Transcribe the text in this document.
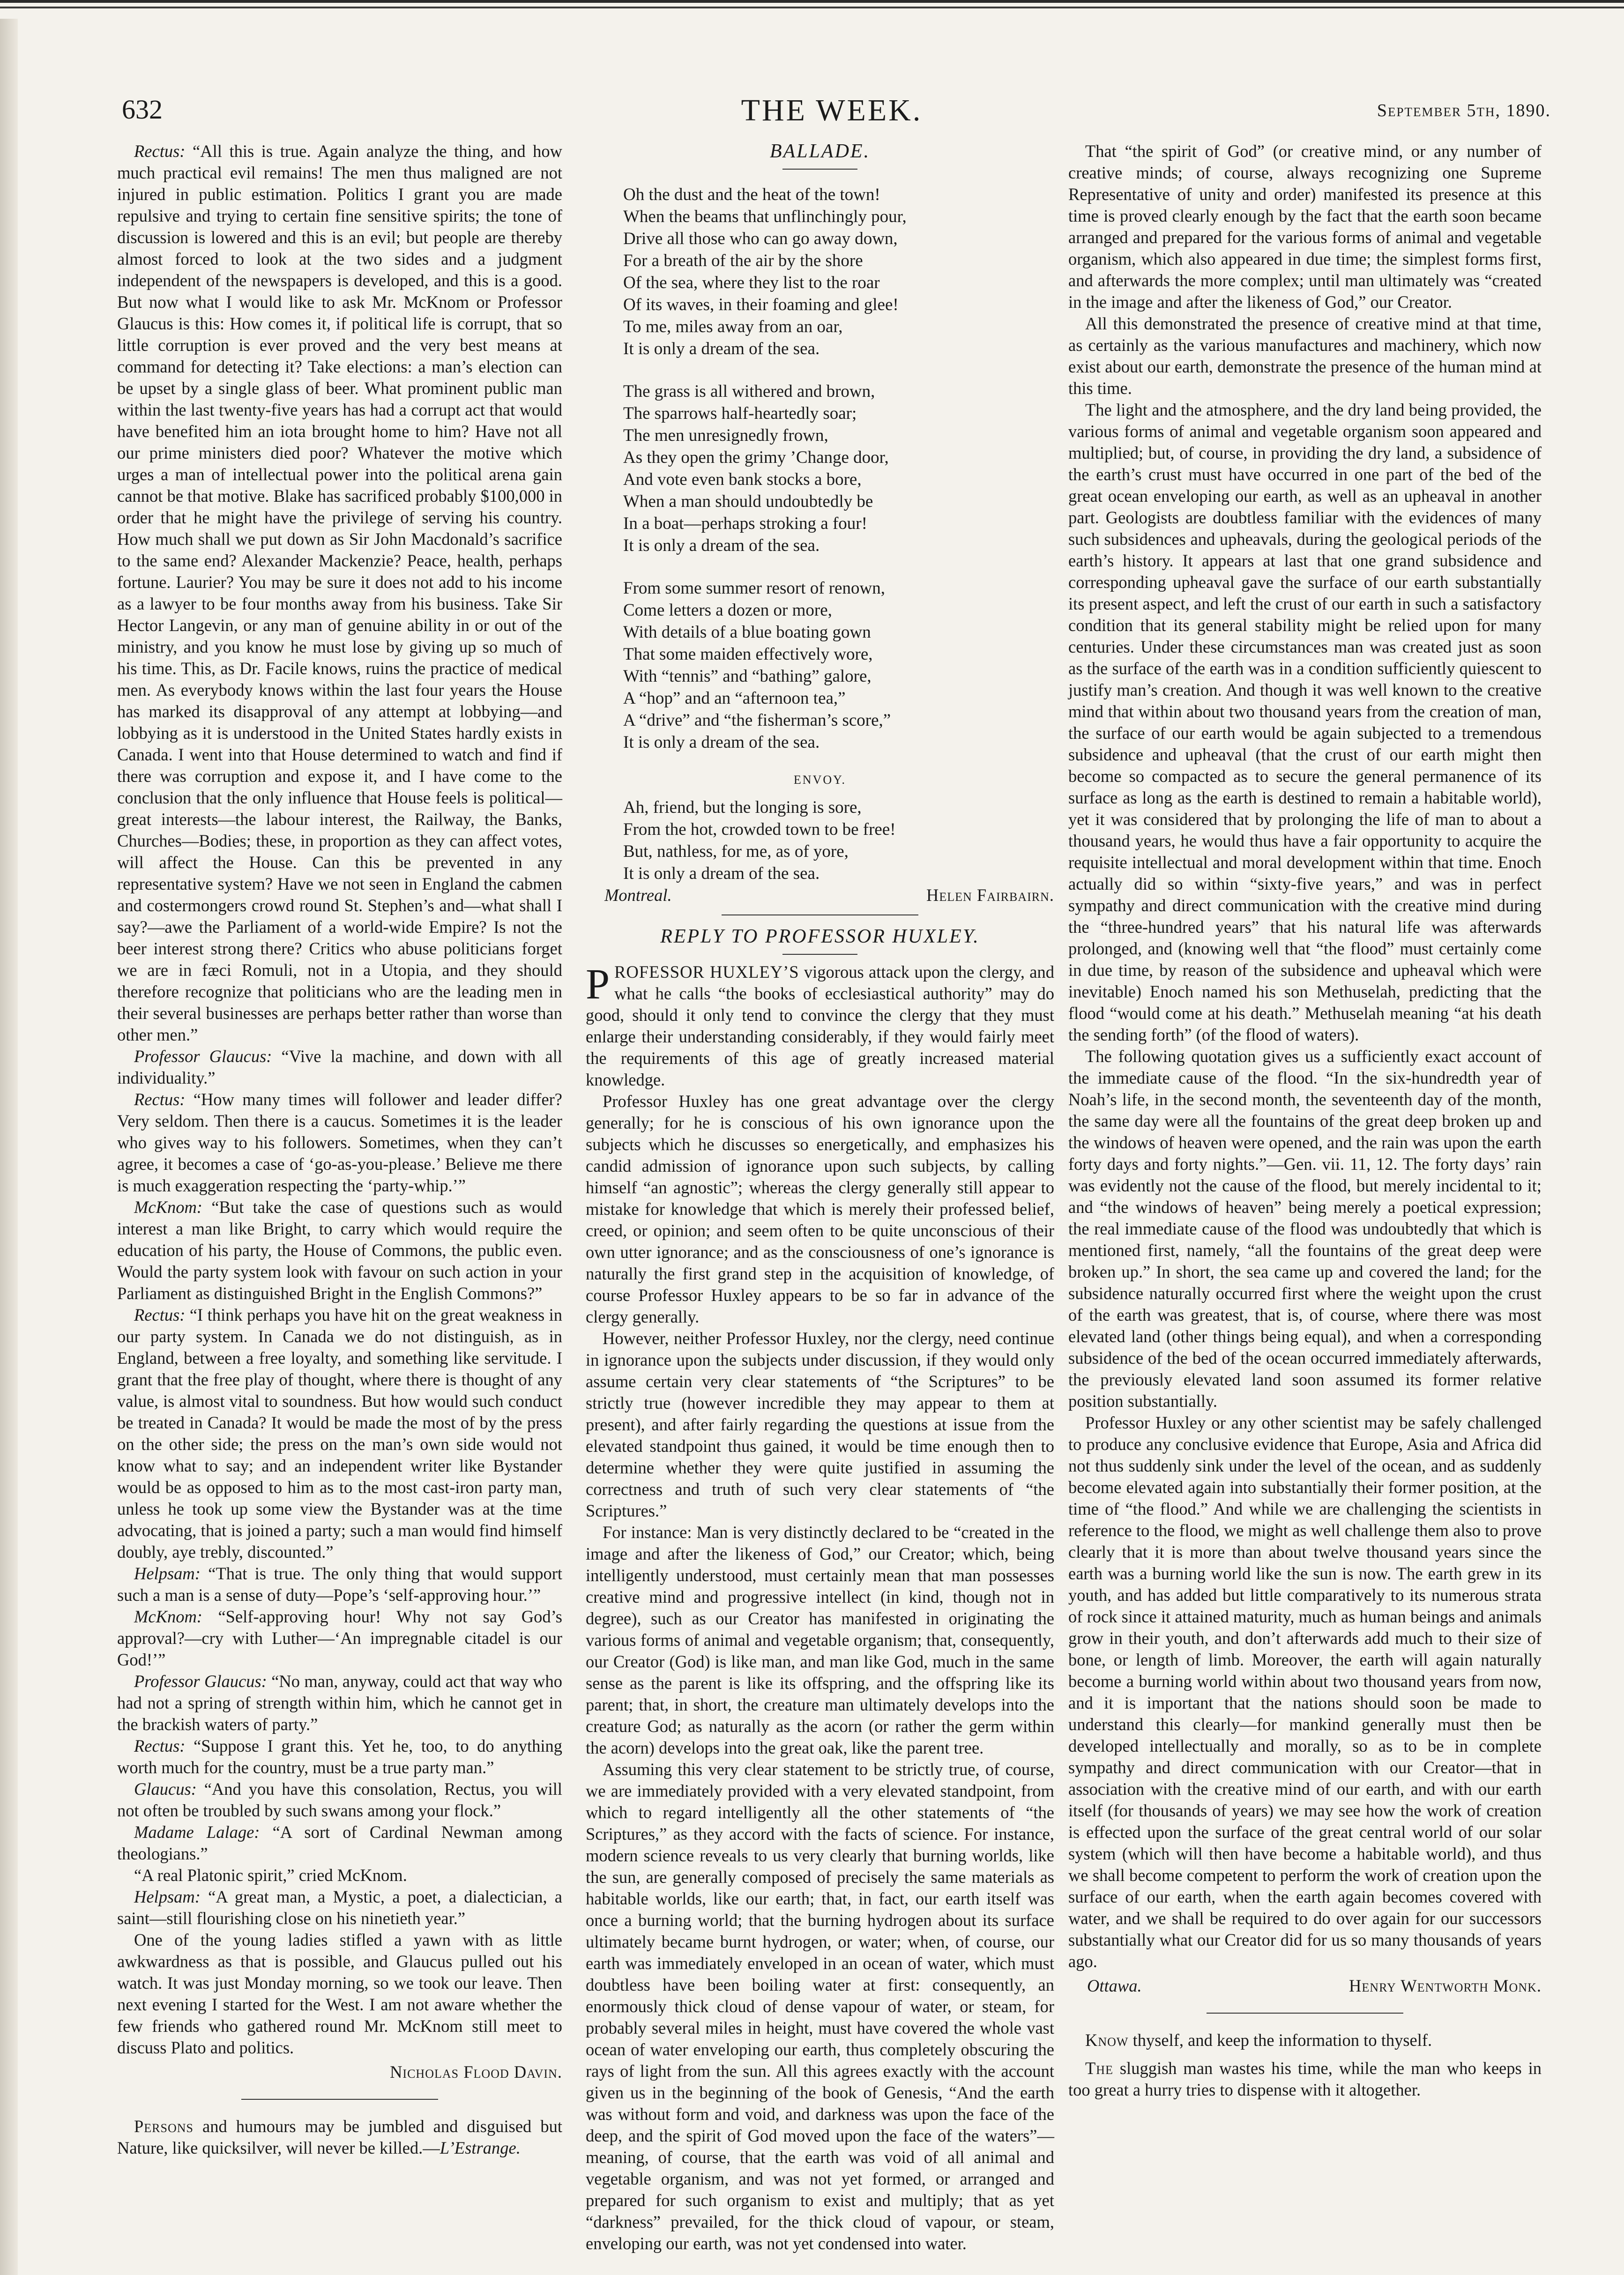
632	THE WEEK.	September 5th, 1890.

Rectus: “All this is true. Again analyze the thing, and how much practical evil remains! The men thus maligned are not injured in public estimation. Politics I grant you are made repulsive and trying to certain fine sensitive spirits; the tone of discussion is lowered and this is an evil; but people are thereby almost forced to look at the two sides and a judgment independent of the newspapers is developed, and this is a good. But now what I would like to ask Mr. McKnom or Professor Glaucus is this: How comes it, if political life is corrupt, that so little corruption is ever proved and the very best means at command for detecting it? Take elections: a man’s election can be upset by a single glass of beer. What prominent public man within the last twenty-five years has had a corrupt act that would have benefited him an iota brought home to him? Have not all our prime ministers died poor? Whatever the motive which urges a man of intellectual power into the political arena gain cannot be that motive. Blake has sacrificed probably $100,000 in order that he might have the privilege of serving his country. How much shall we put down as Sir John Macdonald’s sacrifice to the same end? Alexander Mackenzie? Peace, health, perhaps fortune. Laurier? You may be sure it does not add to his income as a lawyer to be four months away from his business. Take Sir Hector Langevin, or any man of genuine ability in or out of the ministry, and you know he must lose by giving up so much of his time. This, as Dr. Facile knows, ruins the practice of medical men. As everybody knows within the last four years the House has marked its disapproval of any attempt at lobbying—and lobbying as it is understood in the United States hardly exists in Canada. I went into that House determined to watch and find if there was corruption and expose it, and I have come to the conclusion that the only influence that House feels is political—great interests—the labour interest, the Railway, the Banks, Churches—Bodies; these, in proportion as they can affect votes, will affect the House. Can this be prevented in any representative system? Have we not seen in England the cabmen and costermongers crowd round St. Stephen’s and—what shall I say?—awe the Parliament of a world-wide Empire? Is not the beer interest strong there? Critics who abuse politicians forget we are in fæci Romuli, not in a Utopia, and they should therefore recognize that politicians who are the leading men in their several businesses are perhaps better rather than worse than other men.”

Professor Glaucus: “Vive la machine, and down with all individuality.”

Rectus: “How many times will follower and leader differ? Very seldom. Then there is a caucus. Sometimes it is the leader who gives way to his followers. Sometimes, when they can’t agree, it becomes a case of ‘go-as-you-please.’ Believe me there is much exaggeration respecting the ‘party-whip.’”

McKnom: “But take the case of questions such as would interest a man like Bright, to carry which would require the education of his party, the House of Commons, the public even. Would the party system look with favour on such action in your Parliament as distinguished Bright in the English Commons?”

Rectus: “I think perhaps you have hit on the great weakness in our party system. In Canada we do not distinguish, as in England, between a free loyalty, and something like servitude. I grant that the free play of thought, where there is thought of any value, is almost vital to soundness. But how would such conduct be treated in Canada? It would be made the most of by the press on the other side; the press on the man’s own side would not know what to say; and an independent writer like Bystander would be as opposed to him as to the most cast-iron party man, unless he took up some view the Bystander was at the time advocating, that is joined a party; such a man would find himself doubly, aye trebly, discounted.”

Helpsam: “That is true. The only thing that would support such a man is a sense of duty—Pope’s ‘self-approving hour.’”

McKnom: “Self-approving hour! Why not say God’s approval?—cry with Luther—‘An impregnable citadel is our God!’”

Professor Glaucus: “No man, anyway, could act that way who had not a spring of strength within him, which he cannot get in the brackish waters of party.”

Rectus: “Suppose I grant this. Yet he, too, to do anything worth much for the country, must be a true party man.”

Glaucus: “And you have this consolation, Rectus, you will not often be troubled by such swans among your flock.”

Madame Lalage: “A sort of Cardinal Newman among theologians.”

“A real Platonic spirit,” cried McKnom.

Helpsam: “A great man, a Mystic, a poet, a dialectician, a saint—still flourishing close on his ninetieth year.”

One of the young ladies stifled a yawn with as little awkwardness as that is possible, and Glaucus pulled out his watch. It was just Monday morning, so we took our leave. Then next evening I started for the West. I am not aware whether the few friends who gathered round Mr. McKnom still meet to discuss Plato and politics.

Nicholas Flood Davin.

Persons and humours may be jumbled and disguised but Nature, like quicksilver, will never be killed.—L’Estrange.

BALLADE.
Oh the dust and the heat of the town!
When the beams that unflinchingly pour,
Drive all those who can go away down,
For a breath of the air by the shore
Of the sea, where they list to the roar
Of its waves, in their foaming and glee!
To me, miles away from an oar,
It is only a dream of the sea.
The grass is all withered and brown,
The sparrows half-heartedly soar;
The men unresignedly frown,
As they open the grimy ’Change door,
And vote even bank stocks a bore,
When a man should undoubtedly be
In a boat—perhaps stroking a four!
It is only a dream of the sea.
From some summer resort of renown,
Come letters a dozen or more,
With details of a blue boating gown
That some maiden effectively wore,
With “tennis” and “bathing” galore,
A “hop” and an “afternoon tea,”
A “drive” and “the fisherman’s score,”
It is only a dream of the sea.
ENVOY.
Ah, friend, but the longing is sore,
From the hot, crowded town to be free!
But, nathless, for me, as of yore,
It is only a dream of the sea.
Montreal.	Helen Fairbairn.
REPLY TO PROFESSOR HUXLEY.

PROFESSOR HUXLEY’S vigorous attack upon the clergy, and what he calls “the books of ecclesiastical authority” may do good, should it only tend to convince the clergy that they must enlarge their understanding considerably, if they would fairly meet the requirements of this age of greatly increased material knowledge.

Professor Huxley has one great advantage over the clergy generally; for he is conscious of his own ignorance upon the subjects which he discusses so energetically, and emphasizes his candid admission of ignorance upon such subjects, by calling himself “an agnostic”; whereas the clergy generally still appear to mistake for knowledge that which is merely their professed belief, creed, or opinion; and seem often to be quite unconscious of their own utter ignorance; and as the consciousness of one’s ignorance is naturally the first grand step in the acquisition of knowledge, of course Professor Huxley appears to be so far in advance of the clergy generally.

However, neither Professor Huxley, nor the clergy, need continue in ignorance upon the subjects under discussion, if they would only assume certain very clear statements of “the Scriptures” to be strictly true (however incredible they may appear to them at present), and after fairly regarding the questions at issue from the elevated standpoint thus gained, it would be time enough then to determine whether they were quite justified in assuming the correctness and truth of such very clear statements of “the Scriptures.”

For instance: Man is very distinctly declared to be “created in the image and after the likeness of God,” our Creator; which, being intelligently understood, must certainly mean that man possesses creative mind and progressive intellect (in kind, though not in degree), such as our Creator has manifested in originating the various forms of animal and vegetable organism; that, consequently, our Creator (God) is like man, and man like God, much in the same sense as the parent is like its offspring, and the offspring like its parent; that, in short, the creature man ultimately develops into the creature God; as naturally as the acorn (or rather the germ within the acorn) develops into the great oak, like the parent tree.

Assuming this very clear statement to be strictly true, of course, we are immediately provided with a very elevated standpoint, from which to regard intelligently all the other statements of “the Scriptures,” as they accord with the facts of science. For instance, modern science reveals to us very clearly that burning worlds, like the sun, are generally composed of precisely the same materials as habitable worlds, like our earth; that, in fact, our earth itself was once a burning world; that the burning hydrogen about its surface ultimately became burnt hydrogen, or water; when, of course, our earth was immediately enveloped in an ocean of water, which must doubtless have been boiling water at first: consequently, an enormously thick cloud of dense vapour of water, or steam, for probably several miles in height, must have covered the whole vast ocean of water enveloping our earth, thus completely obscuring the rays of light from the sun. All this agrees exactly with the account given us in the beginning of the book of Genesis, “And the earth was without form and void, and darkness was upon the face of the deep, and the spirit of God moved upon the face of the waters”—meaning, of course, that the earth was void of all animal and vegetable organism, and was not yet formed, or arranged and prepared for such organism to exist and multiply; that as yet “darkness” prevailed, for the thick cloud of vapour, or steam, enveloping our earth, was not yet condensed into water.

That “the spirit of God” (or creative mind, or any number of creative minds; of course, always recognizing one Supreme Representative of unity and order) manifested its presence at this time is proved clearly enough by the fact that the earth soon became arranged and prepared for the various forms of animal and vegetable organism, which also appeared in due time; the simplest forms first, and afterwards the more complex; until man ultimately was “created in the image and after the likeness of God,” our Creator.

All this demonstrated the presence of creative mind at that time, as certainly as the various manufactures and machinery, which now exist about our earth, demonstrate the presence of the human mind at this time.

The light and the atmosphere, and the dry land being provided, the various forms of animal and vegetable organism soon appeared and multiplied; but, of course, in providing the dry land, a subsidence of the earth’s crust must have occurred in one part of the bed of the great ocean enveloping our earth, as well as an upheaval in another part. Geologists are doubtless familiar with the evidences of many such subsidences and upheavals, during the geological periods of the earth’s history. It appears at last that one grand subsidence and corresponding upheaval gave the surface of our earth substantially its present aspect, and left the crust of our earth in such a satisfactory condition that its general stability might be relied upon for many centuries. Under these circumstances man was created just as soon as the surface of the earth was in a condition sufficiently quiescent to justify man’s creation. And though it was well known to the creative mind that within about two thousand years from the creation of man, the surface of our earth would be again subjected to a tremendous subsidence and upheaval (that the crust of our earth might then become so compacted as to secure the general permanence of its surface as long as the earth is destined to remain a habitable world), yet it was considered that by prolonging the life of man to about a thousand years, he would thus have a fair opportunity to acquire the requisite intellectual and moral development within that time. Enoch actually did so within “sixty-five years,” and was in perfect sympathy and direct communication with the creative mind during the “three-hundred years” that his natural life was afterwards prolonged, and (knowing well that “the flood” must certainly come in due time, by reason of the subsidence and upheaval which were inevitable) Enoch named his son Methuselah, predicting that the flood “would come at his death.” Methuselah meaning “at his death the sending forth” (of the flood of waters).

The following quotation gives us a sufficiently exact account of the immediate cause of the flood. “In the six-hundredth year of Noah’s life, in the second month, the seventeenth day of the month, the same day were all the fountains of the great deep broken up and the windows of heaven were opened, and the rain was upon the earth forty days and forty nights.”—Gen. vii. 11, 12. The forty days’ rain was evidently not the cause of the flood, but merely incidental to it; and “the windows of heaven” being merely a poetical expression; the real immediate cause of the flood was undoubtedly that which is mentioned first, namely, “all the fountains of the great deep were broken up.” In short, the sea came up and covered the land; for the subsidence naturally occurred first where the weight upon the crust of the earth was greatest, that is, of course, where there was most elevated land (other things being equal), and when a corresponding subsidence of the bed of the ocean occurred immediately afterwards, the previously elevated land soon assumed its former relative position substantially.

Professor Huxley or any other scientist may be safely challenged to produce any conclusive evidence that Europe, Asia and Africa did not thus suddenly sink under the level of the ocean, and as suddenly become elevated again into substantially their former position, at the time of “the flood.” And while we are challenging the scientists in reference to the flood, we might as well challenge them also to prove clearly that it is more than about twelve thousand years since the earth was a burning world like the sun is now. The earth grew in its youth, and has added but little comparatively to its numerous strata of rock since it attained maturity, much as human beings and animals grow in their youth, and don’t afterwards add much to their size of bone, or length of limb. Moreover, the earth will again naturally become a burning world within about two thousand years from now, and it is important that the nations should soon be made to understand this clearly—for mankind generally must then be developed intellectually and morally, so as to be in complete sympathy and direct communication with our Creator—that in association with the creative mind of our earth, and with our earth itself (for thousands of years) we may see how the work of creation is effected upon the surface of the great central world of our solar system (which will then have become a habitable world), and thus we shall become competent to perform the work of creation upon the surface of our earth, when the earth again becomes covered with water, and we shall be required to do over again for our successors substantially what our Creator did for us so many thousands of years ago.

Ottawa.	Henry Wentworth Monk.

Know thyself, and keep the information to thyself.

The sluggish man wastes his time, while the man who keeps in too great a hurry tries to dispense with it altogether.
